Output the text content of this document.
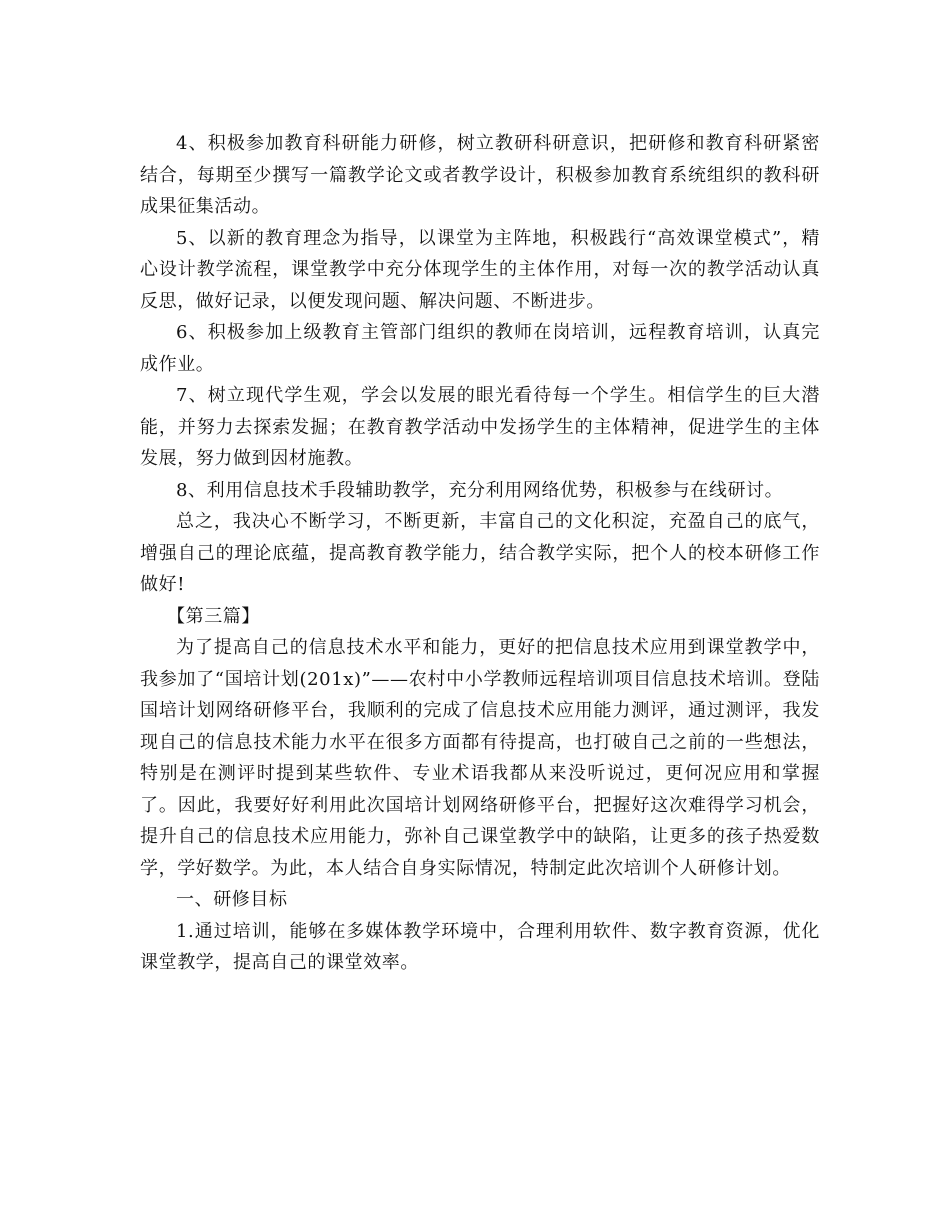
4、积极参加教育科研能力研修，树立教研科研意识，把研修和教育科研紧密结合，每期至少撰写一篇教学论文或者教学设计，积极参加教育系统组织的教科研成果征集活动。

5、以新的教育理念为指导，以课堂为主阵地，积极践行“高效课堂模式”，精心设计教学流程，课堂教学中充分体现学生的主体作用，对每一次的教学活动认真反思，做好记录，以便发现问题、解决问题、不断进步。

6、积极参加上级教育主管部门组织的教师在岗培训，远程教育培训，认真完成作业。

7、树立现代学生观，学会以发展的眼光看待每一个学生。相信学生的巨大潜能，并努力去探索发掘；在教育教学活动中发扬学生的主体精神，促进学生的主体发展，努力做到因材施教。

8、利用信息技术手段辅助教学，充分利用网络优势，积极参与在线研讨。

总之，我决心不断学习，不断更新，丰富自己的文化积淀，充盈自己的底气，增强自己的理论底蕴，提高教育教学能力，结合教学实际，把个人的校本研修工作做好!

【第三篇】

为了提高自己的信息技术水平和能力，更好的把信息技术应用到课堂教学中，我参加了“国培计划(201x)”——农村中小学教师远程培训项目信息技术培训。登陆国培计划网络研修平台，我顺利的完成了信息技术应用能力测评，通过测评，我发现自己的信息技术能力水平在很多方面都有待提高，也打破自己之前的一些想法，特别是在测评时提到某些软件、专业术语我都从来没听说过，更何况应用和掌握了。因此，我要好好利用此次国培计划网络研修平台，把握好这次难得学习机会，提升自己的信息技术应用能力，弥补自己课堂教学中的缺陷，让更多的孩子热爱数学，学好数学。为此，本人结合自身实际情况，特制定此次培训个人研修计划。

一、研修目标

1.通过培训，能够在多媒体教学环境中，合理利用软件、数字教育资源，优化课堂教学，提高自己的课堂效率。
